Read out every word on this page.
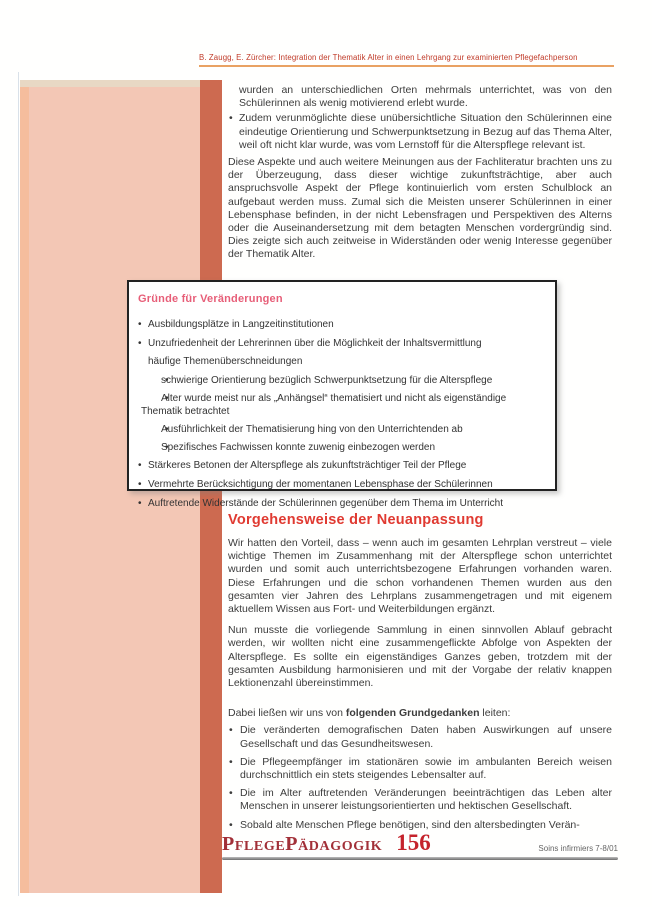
B. Zaugg, E. Zürcher: Integration der Thematik Alter in einen Lehrgang zur examinierten Pflegefachperson
wurden an unterschiedlichen Orten mehrmals unterrichtet, was von den Schülerinnen als wenig motivierend erlebt wurde.
• Zudem verunmöglichte diese unübersichtliche Situation den Schülerinnen eine eindeutige Orientierung und Schwerpunktsetzung in Bezug auf das Thema Alter, weil oft nicht klar wurde, was vom Lernstoff für die Alterspflege relevant ist.
Diese Aspekte und auch weitere Meinungen aus der Fachliteratur brachten uns zu der Überzeugung, dass dieser wichtige zukunftsträchtige, aber auch anspruchsvolle Aspekt der Pflege kontinuierlich vom ersten Schulblock an aufgebaut werden muss. Zumal sich die Meisten unserer Schülerinnen in einer Lebensphase befinden, in der nicht Lebensfragen und Perspektiven des Alterns oder die Auseinandersetzung mit dem betagten Menschen vordergründig sind. Dies zeigte sich auch zeitweise in Widerständen oder wenig Interesse gegenüber der Thematik Alter.
Gründe für Veränderungen
• Ausbildungsplätze in Langzeitinstitutionen
• Unzufriedenheit der Lehrerinnen über die Möglichkeit der Inhaltsvermittlung
häufige Themenüberschneidungen
• schwierige Orientierung bezüglich Schwerpunktsetzung für die Alterspflege
• Alter wurde meist nur als „Anhängsel“ thematisiert und nicht als eigenständige Thematik betrachtet
• Ausführlichkeit der Thematisierung hing von den Unterrichtenden ab
• Spezifisches Fachwissen konnte zuwenig einbezogen werden
• Stärkeres Betonen der Alterspflege als zukunftsträchtiger Teil der Pflege
• Vermehrte Berücksichtigung der momentanen Lebensphase der Schülerinnen
• Auftretende Widerstände der Schülerinnen gegenüber dem Thema im Unterricht
Vorgehensweise der Neuanpassung

Wir hatten den Vorteil, dass – wenn auch im gesamten Lehrplan verstreut – viele wichtige Themen im Zusammenhang mit der Alterspflege schon unterrichtet wurden und somit auch unterrichtsbezogene Erfahrungen vorhanden waren. Diese Erfahrungen und die schon vorhandenen Themen wurden aus den gesamten vier Jahren des Lehrplans zusammengetragen und mit eigenem aktuellem Wissen aus Fort- und Weiterbildungen ergänzt.

Nun musste die vorliegende Sammlung in einen sinnvollen Ablauf gebracht werden, wir wollten nicht eine zusammengeflickte Abfolge von Aspekten der Alterspflege. Es sollte ein eigenständiges Ganzes geben, trotzdem mit der gesamten Ausbildung harmonisieren und mit der Vorgabe der relativ knappen Lektionenzahl übereinstimmen.

Dabei ließen wir uns von folgenden Grundgedanken leiten:

• Die veränderten demografischen Daten haben Auswirkungen auf unsere Gesellschaft und das Gesundheitswesen.
• Die Pflegeempfänger im stationären sowie im ambulanten Bereich weisen durchschnittlich ein stets steigendes Lebensalter auf.
• Die im Alter auftretenden Veränderungen beeinträchtigen das Leben alter Menschen in unserer leistungsorientierten und hektischen Gesellschaft.
• Sobald alte Menschen Pflege benötigen, sind den altersbedingten Verän-
PflegePädagogik 156	Soins infirmiers 7-8/01
